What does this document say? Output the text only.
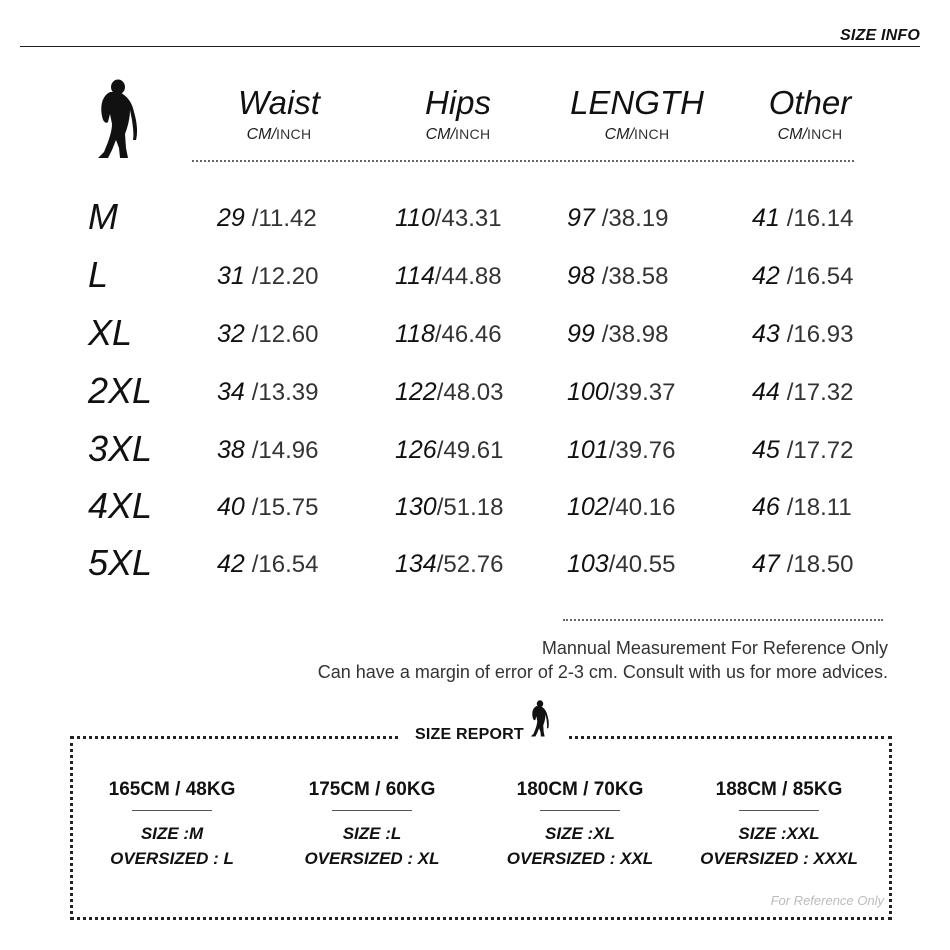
SIZE INFO
Waist
CM/INCH
Hips
CM/INCH
LENGTH
CM/INCH
Other
CM/INCH
M	29 /11.42	110/43.31	97 /38.19	41 /16.14
L	31 /12.20	114/44.88	98 /38.58	42 /16.54
XL	32 /12.60	118/46.46	99 /38.98	43 /16.93
2XL	34 /13.39	122/48.03	100/39.37	44 /17.32
3XL	38 /14.96	126/49.61	101/39.76	45 /17.72
4XL	40 /15.75	130/51.18	102/40.16	46 /18.11
5XL	42 /16.54	134/52.76	103/40.55	47 /18.50
Mannual Measurement For Reference Only
Can have a margin of error of 2-3 cm. Consult with us for more advices.
SIZE REPORT
165CM / 48KG
SIZE :M
OVERSIZED : L
175CM / 60KG
SIZE :L
OVERSIZED : XL
180CM / 70KG
SIZE :XL
OVERSIZED : XXL
188CM / 85KG
SIZE :XXL
OVERSIZED : XXXL
For Reference Only
